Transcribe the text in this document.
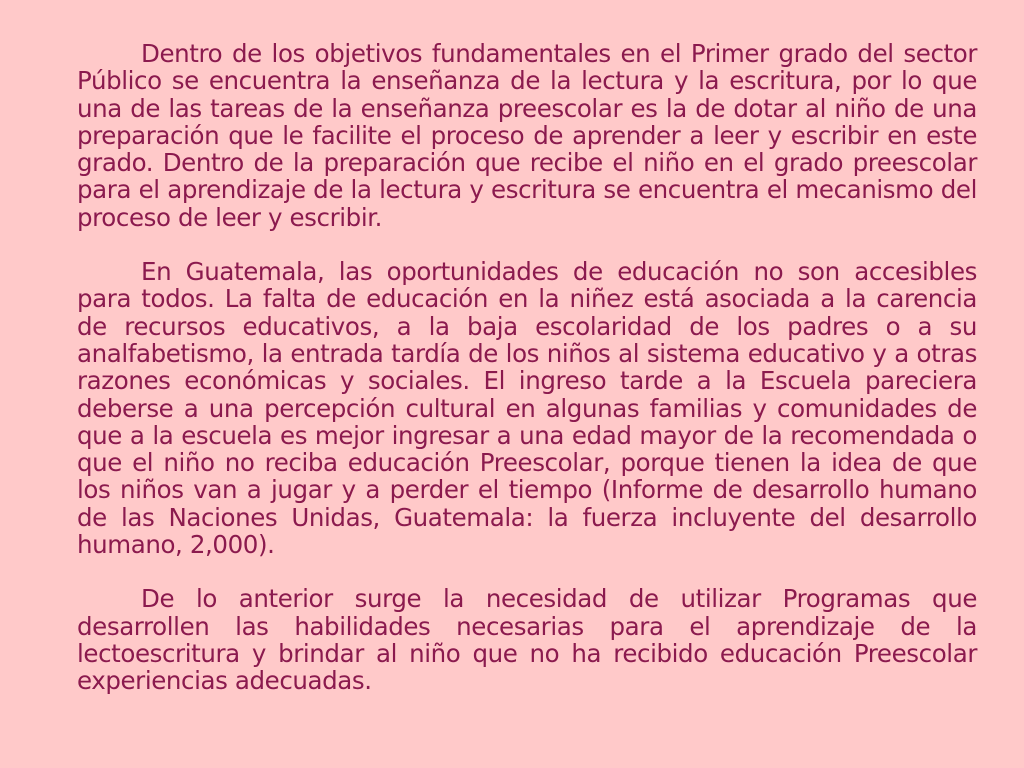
Dentro de los objetivos fundamentales en el Primer grado del sector Público se encuentra la enseñanza de la lectura y la escritura, por lo que una de las tareas de la enseñanza preescolar es la de dotar al niño de una preparación que le facilite el proceso de aprender a leer y escribir en este grado. Dentro de la preparación que recibe el niño en el grado preescolar para el aprendizaje de la lectura y escritura se encuentra el mecanismo del proceso de leer y escribir.

En Guatemala, las oportunidades de educación no son accesibles para todos. La falta de educación en la niñez está asociada a la carencia de recursos educativos, a la baja escolaridad de los padres o a su analfabetismo, la entrada tardía de los niños al sistema educativo y a otras razones económicas y sociales. El ingreso tarde a la Escuela pareciera deberse a una percepción cultural en algunas familias y comunidades de que a la escuela es mejor ingresar a una edad mayor de la recomendada o que el niño no reciba educación Preescolar, porque tienen la idea de que los niños van a jugar y a perder el tiempo (Informe de desarrollo humano de las Naciones Unidas, Guatemala: la fuerza incluyente del desarrollo humano, 2,000).

De lo anterior surge la necesidad de utilizar Programas que desarrollen las habilidades necesarias para el aprendizaje de la lectoescritura y brindar al niño que no ha recibido educación Preescolar experiencias adecuadas.
